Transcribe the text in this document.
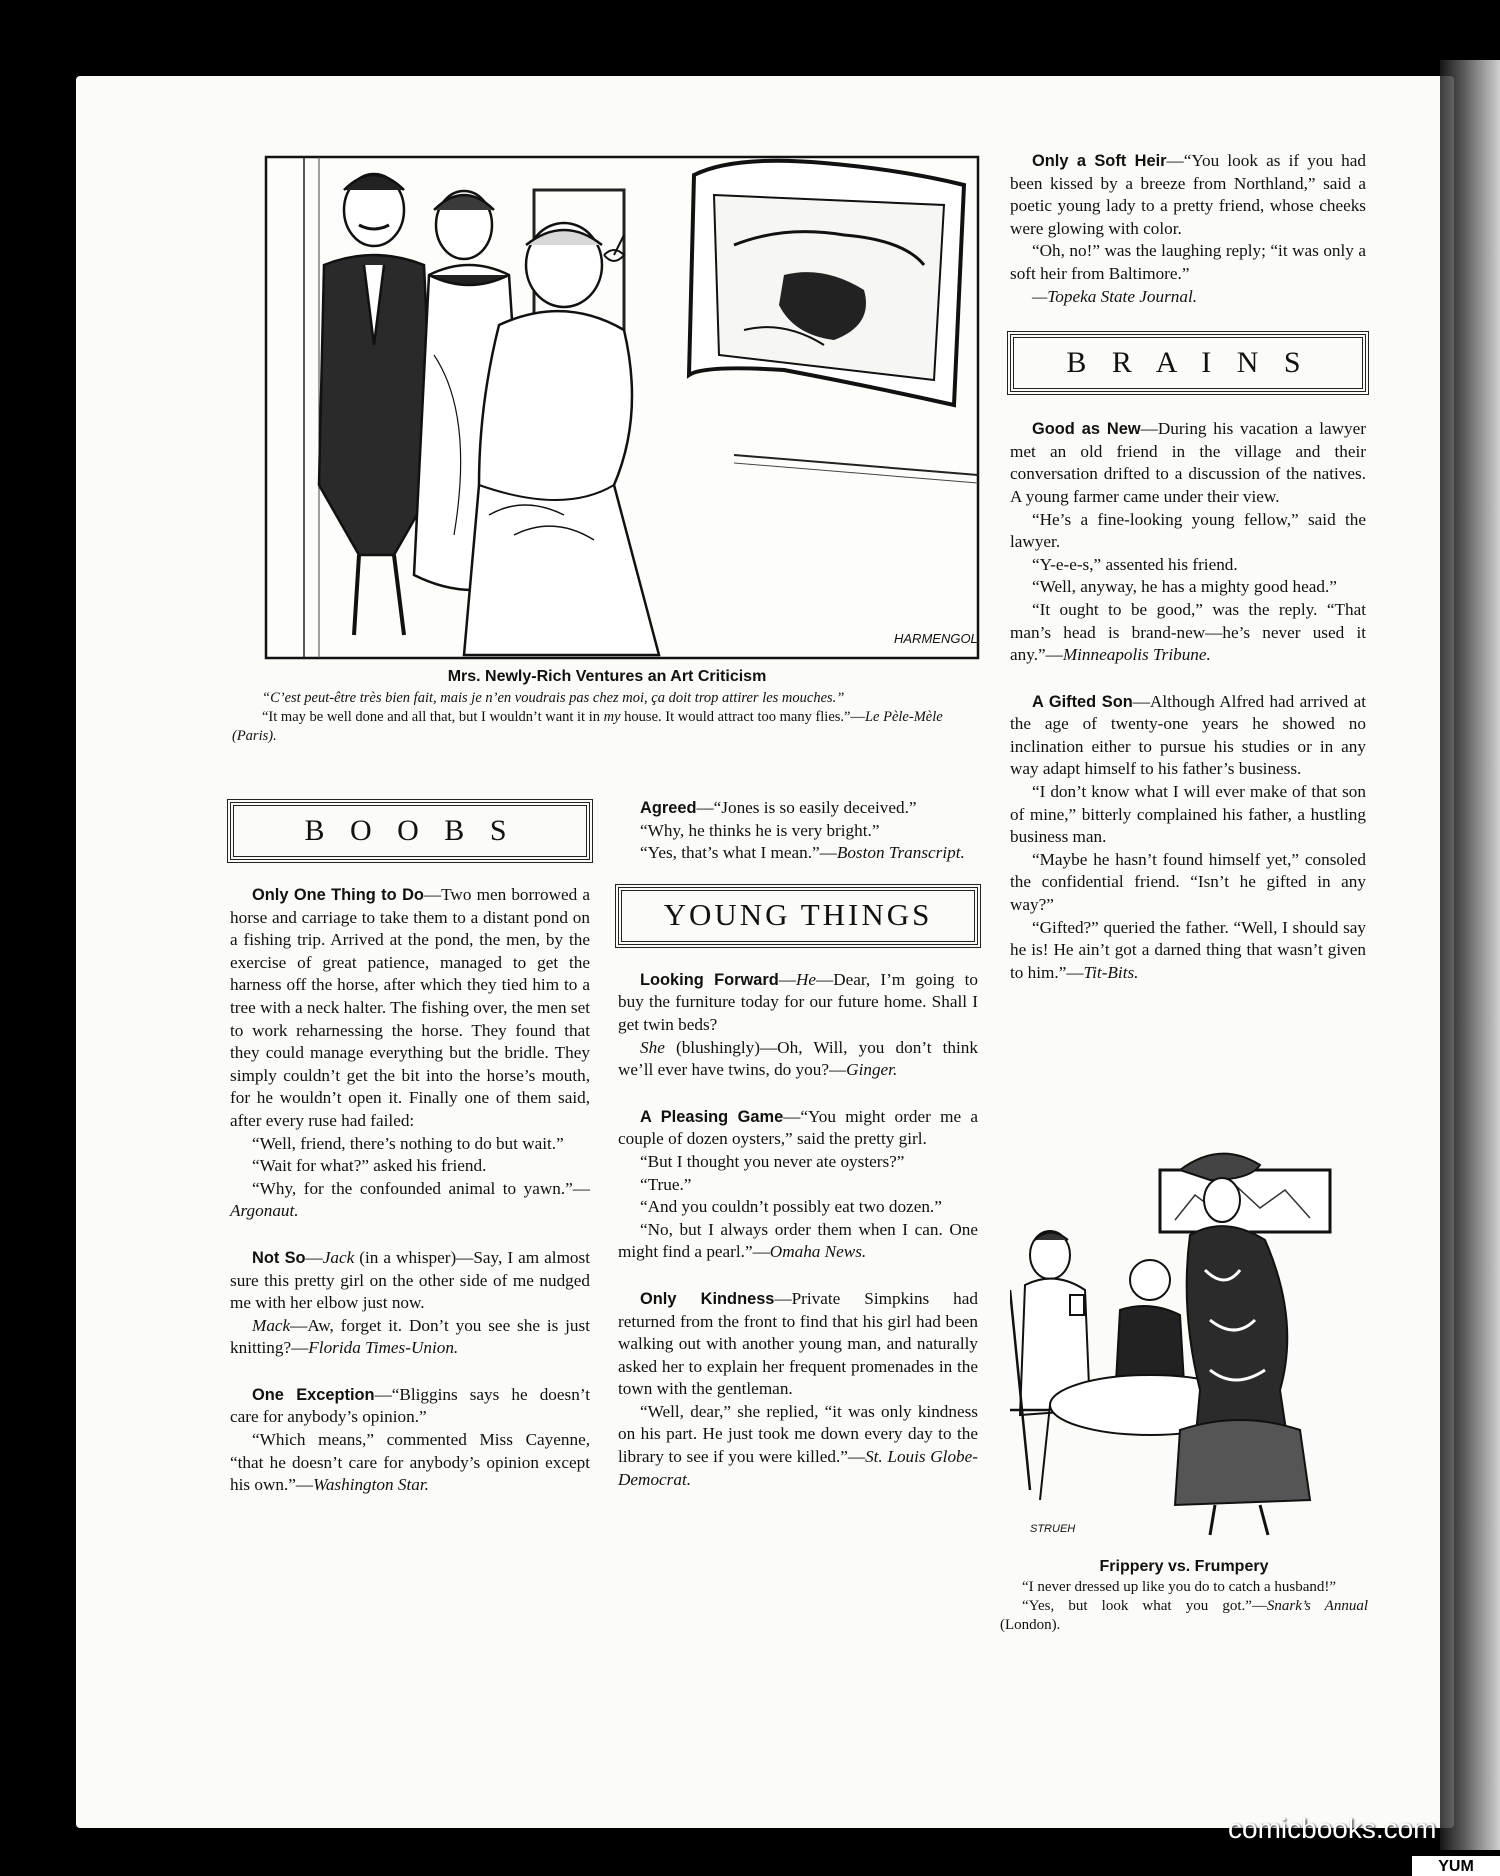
HARMENGOL
Mrs. Newly-Rich Ventures an Art Criticism
“C’est peut-être très bien fait, mais je n’en voudrais pas chez moi, ça doit trop attirer les mouches.”
“It may be well done and all that, but I wouldn’t want it in my house. It would attract too many flies.”—Le Pèle-Mèle (Paris).
B O O B S

Only One Thing to Do—Two men borrowed a horse and carriage to take them to a distant pond on a fishing trip. Arrived at the pond, the men, by the exercise of great patience, managed to get the harness off the horse, after which they tied him to a tree with a neck halter. The fishing over, the men set to work reharnessing the horse. They found that they could manage everything but the bridle. They simply couldn’t get the bit into the horse’s mouth, for he wouldn’t open it. Finally one of them said, after every ruse had failed:

“Well, friend, there’s nothing to do but wait.”

“Wait for what?” asked his friend.

“Why, for the confounded animal to yawn.”—Argonaut.

Not So—Jack (in a whisper)—Say, I am almost sure this pretty girl on the other side of me nudged me with her elbow just now.

Mack—Aw, forget it. Don’t you see she is just knitting?—Florida Times-Union.

One Exception—“Bliggins says he doesn’t care for anybody’s opinion.”

“Which means,” commented Miss Cayenne, “that he doesn’t care for anybody’s opinion except his own.”—Washington Star.

Agreed—“Jones is so easily deceived.”

“Why, he thinks he is very bright.”

“Yes, that’s what I mean.”—Boston Transcript.

YOUNG THINGS

Looking Forward—He—Dear, I’m going to buy the furniture today for our future home. Shall I get twin beds?

She (blushingly)—Oh, Will, you don’t think we’ll ever have twins, do you?—Ginger.

A Pleasing Game—“You might order me a couple of dozen oysters,” said the pretty girl.

“But I thought you never ate oysters?”

“True.”

“And you couldn’t possibly eat two dozen.”

“No, but I always order them when I can. One might find a pearl.”—Omaha News.

Only Kindness—Private Simpkins had returned from the front to find that his girl had been walking out with another young man, and naturally asked her to explain her frequent promenades in the town with the gentleman.

“Well, dear,” she replied, “it was only kindness on his part. He just took me down every day to the library to see if you were killed.”—St. Louis Globe-Democrat.

Only a Soft Heir—“You look as if you had been kissed by a breeze from Northland,” said a poetic young lady to a pretty friend, whose cheeks were glowing with color.

“Oh, no!” was the laughing reply; “it was only a soft heir from Baltimore.”

—Topeka State Journal.

B R A I N S

Good as New—During his vacation a lawyer met an old friend in the village and their conversation drifted to a discussion of the natives. A young farmer came under their view.

“He’s a fine-looking young fellow,” said the lawyer.

“Y-e-e-s,” assented his friend.

“Well, anyway, he has a mighty good head.”

“It ought to be good,” was the reply. “That man’s head is brand-new—he’s never used it any.”—Minneapolis Tribune.

A Gifted Son—Although Alfred had arrived at the age of twenty-one years he showed no inclination either to pursue his studies or in any way adapt himself to his father’s business.

“I don’t know what I will ever make of that son of mine,” bitterly complained his father, a hustling business man.

“Maybe he hasn’t found himself yet,” consoled the confidential friend. “Isn’t he gifted in any way?”

“Gifted?” queried the father. “Well, I should say he is! He ain’t got a darned thing that wasn’t given to him.”—Tit-Bits.

STRUEH
Frippery vs. Frumpery

“I never dressed up like you do to catch a husband!”

“Yes, but look what you got.”—Snark’s Annual (London).

comicbooks.com
YUM
